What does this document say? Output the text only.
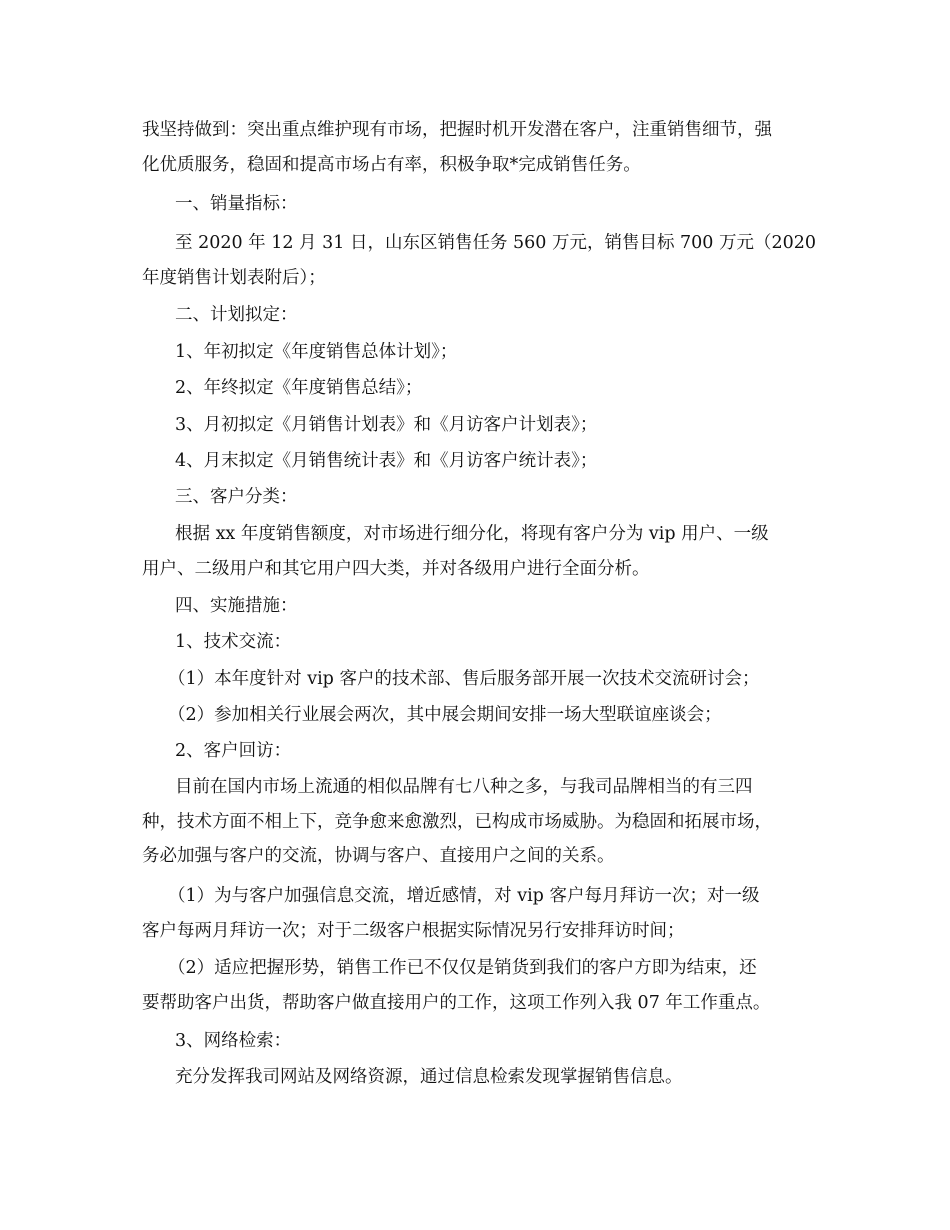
我坚持做到：突出重点维护现有市场，把握时机开发潜在客户，注重销售细节，强
化优质服务，稳固和提高市场占有率，积极争取*完成销售任务。

一、销量指标：

至 2020 年 12 月 31 日，山东区销售任务 560 万元，销售目标 700 万元（2020
年度销售计划表附后）；

二、计划拟定：

1、年初拟定《年度销售总体计划》；

2、年终拟定《年度销售总结》；

3、月初拟定《月销售计划表》和《月访客户计划表》；

4、月末拟定《月销售统计表》和《月访客户统计表》；

三、客户分类：

根据 xx 年度销售额度，对市场进行细分化，将现有客户分为 vip 用户、一级
用户、二级用户和其它用户四大类，并对各级用户进行全面分析。

四、实施措施：

1、技术交流：

（1）本年度针对 vip 客户的技术部、售后服务部开展一次技术交流研讨会；

（2）参加相关行业展会两次，其中展会期间安排一场大型联谊座谈会；

2、客户回访：

目前在国内市场上流通的相似品牌有七八种之多，与我司品牌相当的有三四
种，技术方面不相上下，竞争愈来愈激烈，已构成市场威胁。为稳固和拓展市场，
务必加强与客户的交流，协调与客户、直接用户之间的关系。

（1）为与客户加强信息交流，增近感情，对 vip 客户每月拜访一次；对一级
客户每两月拜访一次；对于二级客户根据实际情况另行安排拜访时间；

（2）适应把握形势，销售工作已不仅仅是销货到我们的客户方即为结束，还
要帮助客户出货，帮助客户做直接用户的工作，这项工作列入我 07 年工作重点。

3、网络检索：

充分发挥我司网站及网络资源，通过信息检索发现掌握销售信息。
